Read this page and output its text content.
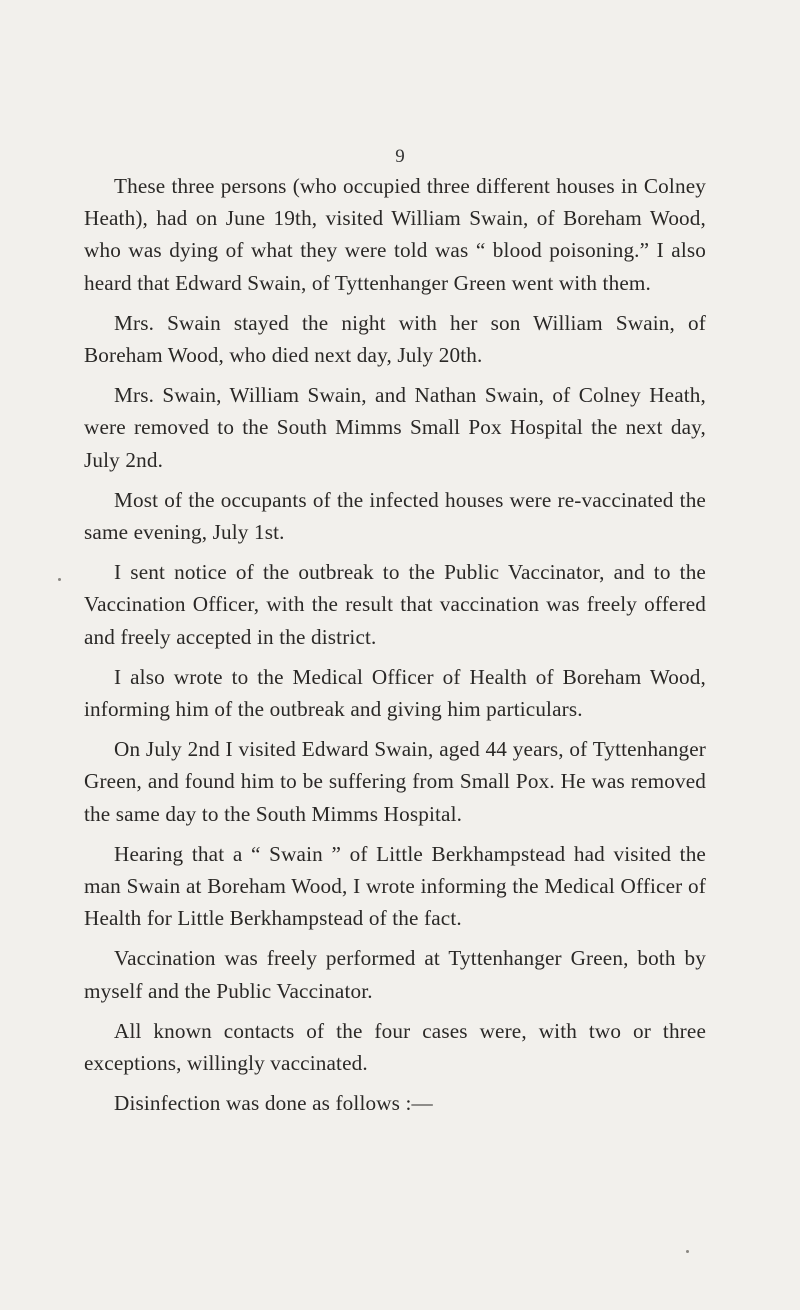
9

These three persons (who occupied three different houses in Colney Heath), had on June 19th, visited William Swain, of Boreham Wood, who was dying of what they were told was “ blood poisoning.” I also heard that Edward Swain, of Tyttenhanger Green went with them.

Mrs. Swain stayed the night with her son William Swain, of Boreham Wood, who died next day, July 20th.

Mrs. Swain, William Swain, and Nathan Swain, of Colney Heath, were removed to the South Mimms Small Pox Hospital the next day, July 2nd.

Most of the occupants of the infected houses were re-vaccinated the same evening, July 1st.

I sent notice of the outbreak to the Public Vaccinator, and to the Vaccination Officer, with the result that vaccination was freely offered and freely accepted in the district.

I also wrote to the Medical Officer of Health of Boreham Wood, informing him of the outbreak and giving him particulars.

On July 2nd I visited Edward Swain, aged 44 years, of Tyttenhanger Green, and found him to be suffering from Small Pox. He was removed the same day to the South Mimms Hospital.

Hearing that a “ Swain ” of Little Berkhampstead had visited the man Swain at Boreham Wood, I wrote informing the Medical Officer of Health for Little Berkhampstead of the fact.

Vaccination was freely performed at Tyttenhanger Green, both by myself and the Public Vaccinator.

All known contacts of the four cases were, with two or three exceptions, willingly vaccinated.

Disinfection was done as follows :—
